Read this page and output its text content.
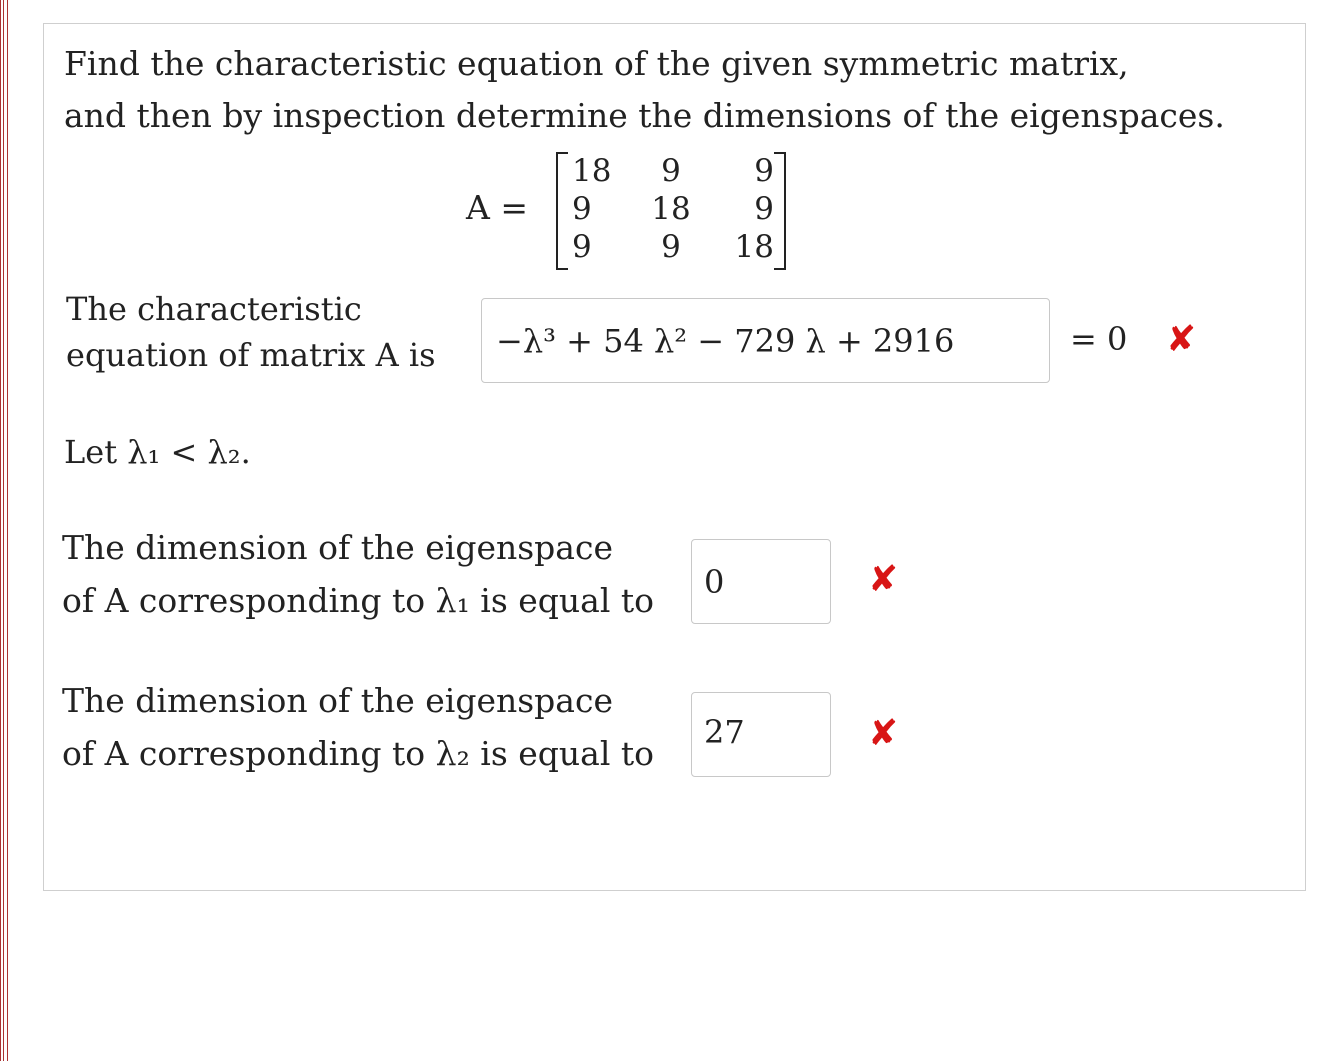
Find the characteristic equation of the given symmetric matrix,
and then by inspection determine the dimensions of the eigenspaces.
A =
18	9	9
9	18	9
9	9	18
The characteristic
equation of matrix A is −λ³ + 54 λ² − 729 λ + 2916	= 0 ✘
Let λ₁ < λ₂.
The dimension of the eigenspace
of A corresponding to λ₁ is equal to 0	✘
The dimension of the eigenspace
of A corresponding to λ₂ is equal to
27	✘
